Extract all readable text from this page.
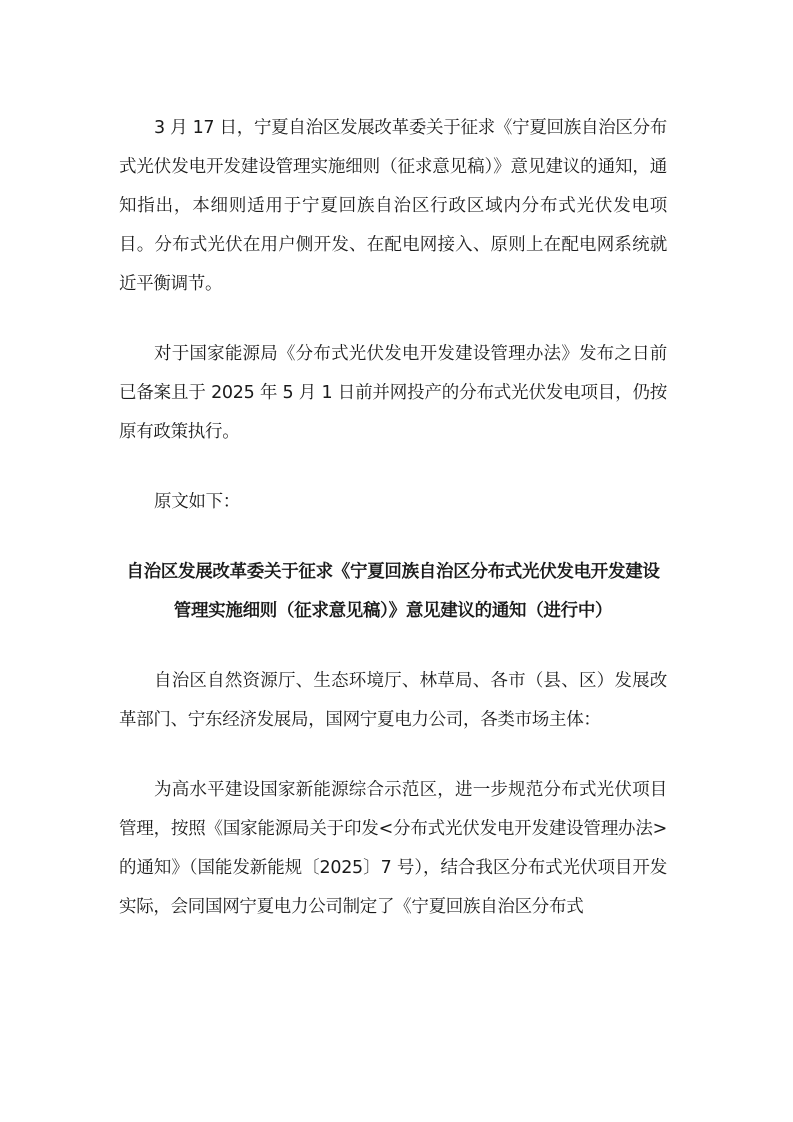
3 月 17 日，宁夏自治区发展改革委关于征求《宁夏回族自治区分布式光伏发电开发建设管理实施细则（征求意见稿）》意见建议的通知，通知指出，本细则适用于宁夏回族自治区行政区域内分布式光伏发电项目。分布式光伏在用户侧开发、在配电网接入、原则上在配电网系统就近平衡调节。

对于国家能源局《分布式光伏发电开发建设管理办法》发布之日前已备案且于 2025 年 5 月 1 日前并网投产的分布式光伏发电项目，仍按原有政策执行。

原文如下：

自治区发展改革委关于征求《宁夏回族自治区分布式光伏发电开发建设管理实施细则（征求意见稿）》意见建议的通知（进行中）

自治区自然资源厅、生态环境厅、林草局、各市（县、区）发展改革部门、宁东经济发展局，国网宁夏电力公司，各类市场主体：

为高水平建设国家新能源综合示范区，进一步规范分布式光伏项目管理，按照《国家能源局关于印发<分布式光伏发电开发建设管理办法>的通知》（国能发新能规〔2025〕7 号），结合我区分布式光伏项目开发实际，会同国网宁夏电力公司制定了《宁夏回族自治区分布式
